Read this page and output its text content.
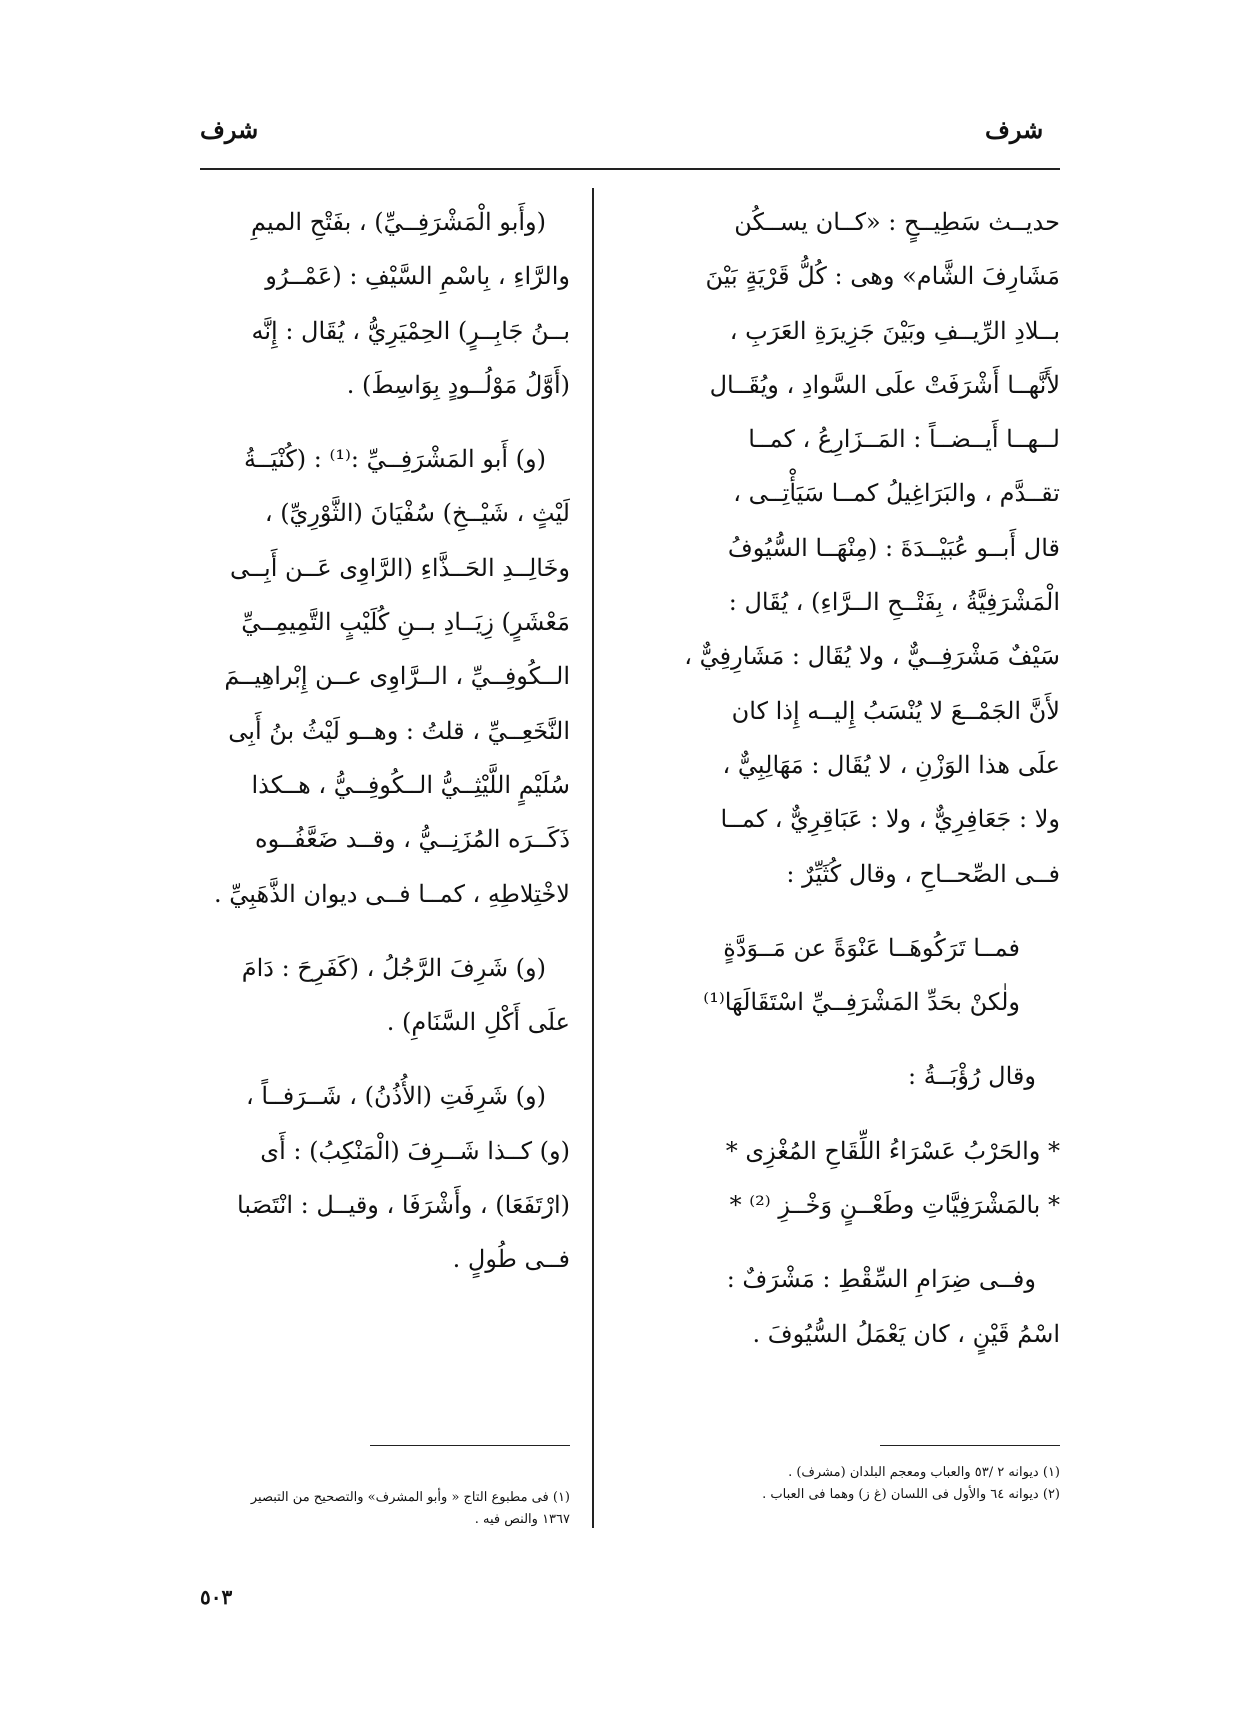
شرف
شرف
حديــث سَطِيــحٍ : «كــان يســكُن
مَشَارِفَ الشَّام» وهى : كُلُّ قَرْيَةٍ بَيْنَ
بــلادِ الرِّيــفِ وبَيْنَ جَزِيرَةِ العَرَبِ ،
لأَنَّهــا أَشْرَفَتْ علَى السَّوادِ ، ويُقَــال
لــهــا أَيــضــاً : المَــزَارِعُ ، كمــا
تقــدَّم ، والبَرَاغِيلُ كمــا سَيَأْتِــى ،
قال أَبــو عُبَيْــدَةَ : (مِنْهَــا السُّيُوفُ
الْمَشْرَفِيَّةُ ، بِفَتْــحِ الــرَّاءِ) ، يُقَال :
سَيْفٌ مَشْرَفِــيٌّ ، ولا يُقَال : مَشَارِفِيٌّ ،
لأَنَّ الجَمْــعَ لا يُنْسَبُ إِليــه إِذا كان
علَى هذا الوَزْنِ ، لا يُقَال : مَهَالِبِيٌّ ،
ولا : جَعَافِرِيٌّ ، ولا : عَبَاقِرِيٌّ ، كمــا
فــى الصِّحــاحِ ، وقال كُثَيِّرٌ :
فمــا تَرَكُوهَــا عَنْوَةً عن مَــوَدَّةٍ
ولٰكنْ بحَدِّ المَشْرَفِــيِّ اسْتَقَالَهَا⁽¹⁾
وقال رُؤْبَــةُ :
* والحَرْبُ عَسْرَاءُ اللِّقَاحِ المُغْزِى *
* بالمَشْرَفِيَّاتِ وطَعْــنٍ وَخْــزِ ⁽²⁾ *
وفــى ضِرَامِ السِّقْطِ : مَشْرَفٌ :
اسْمُ قَيْنٍ ، كان يَعْمَلُ السُّيُوفَ .
(وأَبو الْمَشْرَفِــيِّ) ، بفَتْحِ الميمِ
والرَّاءِ ، بِاسْمِ السَّيْفِ : (عَمْــرُو
بــنُ جَابِــرٍ) الحِمْيَرِيُّ ، يُقَال : إِنَّه
(أَوَّلُ مَوْلُــودٍ بِوَاسِطَ) .
(و) أَبو المَشْرَفِــيِّ :⁽¹⁾ : (كُنْيَــةُ
لَيْثٍ ، شَيْــخِ) سُفْيَانَ (الثَّوْرِيِّ) ،
وخَالِــدِ الحَــذَّاءِ (الرَّاوِى عَــن أَبِــى
مَعْشَرٍ) زِيَــادِ بــنِ كُلَيْبٍ التَّمِيمِــيِّ
الــكُوفِــيِّ ، الــرَّاوِى عــن إِبْراهِيــمَ
النَّخَعِــيِّ ، قلتُ : وهــو لَيْثُ بنُ أَبِى
سُلَيْمٍ اللَّيْثِــيُّ الــكُوفِــيُّ ، هــكذا
ذَكَــرَه المُزَنِــيُّ ، وقــد ضَعَّفُــوه
لاخْتِلاطِهِ ، كمــا فــى ديوان الذَّهَبِيِّ .
(و) شَرِفَ الرَّجُلُ ، (كَفَرِحَ : دَامَ
علَى أَكْلِ السَّنَامِ) .
(و) شَرِفَتِ (الأُذُنُ) ، شَــرَفــاً ،
(و) كــذا شَــرِفَ (الْمَنْكِبُ) : أَى
(ارْتَفَعَا) ، وأَشْرَفَا ، وقيــل : انْتَصَبا
فــى طُولٍ .
(١) ديوانه ٢ /٥٣ والعباب ومعجم البلدان (مشرف) .
(٢) ديوانه ٦٤ والأول فى اللسان (غ ز) وهما فى العباب .
(١) فى مطبوع التاج « وأبو المشرف» والتصحيح من التبصير
١٣٦٧ والنص فيه .
٥٠٣
